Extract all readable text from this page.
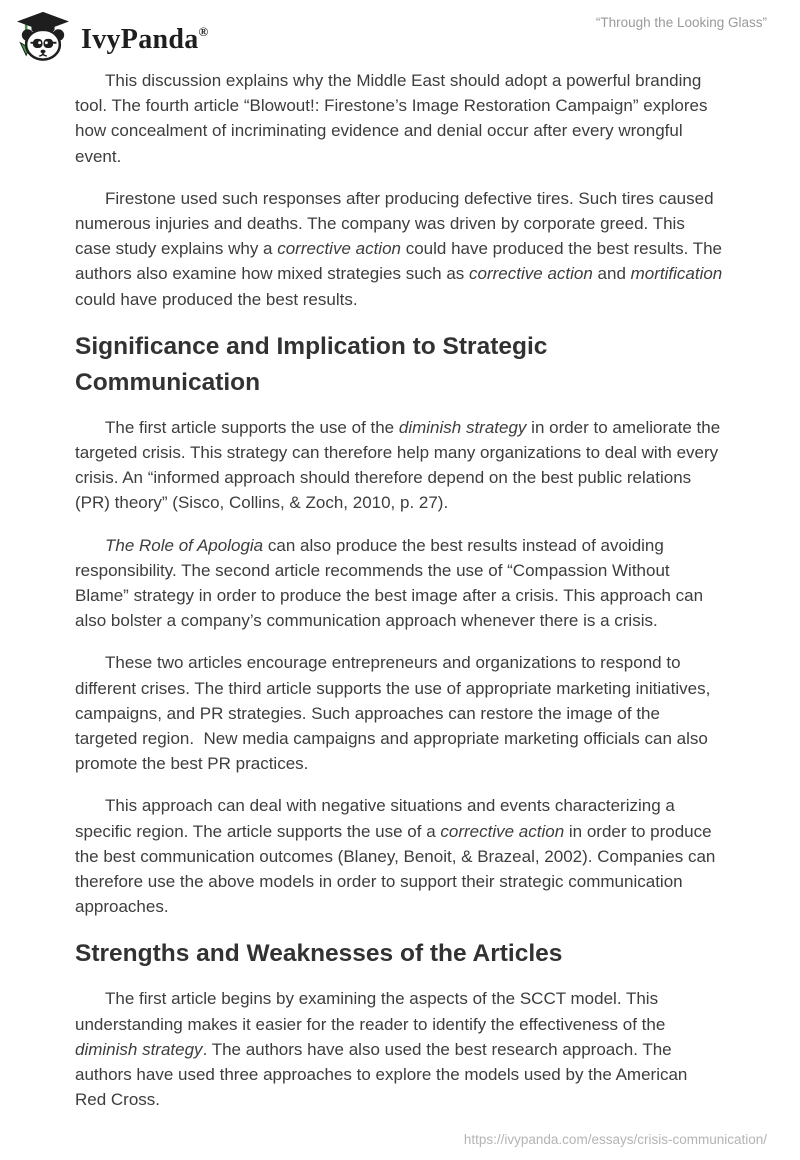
IvyPanda®
“Through the Looking Glass”

This discussion explains why the Middle East should adopt a powerful branding tool. The fourth article “Blowout!: Firestone’s Image Restoration Campaign” explores how concealment of incriminating evidence and denial occur after every wrongful event.

Firestone used such responses after producing defective tires. Such tires caused numerous injuries and deaths. The company was driven by corporate greed. This case study explains why a corrective action could have produced the best results. The authors also examine how mixed strategies such as corrective action and mortification could have produced the best results.

Significance and Implication to Strategic Communication

The first article supports the use of the diminish strategy in order to ameliorate the targeted crisis. This strategy can therefore help many organizations to deal with every crisis. An “informed approach should therefore depend on the best public relations (PR) theory” (Sisco, Collins, & Zoch, 2010, p. 27).

The Role of Apologia can also produce the best results instead of avoiding responsibility. The second article recommends the use of “Compassion Without Blame” strategy in order to produce the best image after a crisis. This approach can also bolster a company’s communication approach whenever there is a crisis.

These two articles encourage entrepreneurs and organizations to respond to different crises. The third article supports the use of appropriate marketing initiatives, campaigns, and PR strategies. Such approaches can restore the image of the targeted region.  New media campaigns and appropriate marketing officials can also promote the best PR practices.

This approach can deal with negative situations and events characterizing a specific region. The article supports the use of a corrective action in order to produce the best communication outcomes (Blaney, Benoit, & Brazeal, 2002). Companies can therefore use the above models in order to support their strategic communication approaches.

Strengths and Weaknesses of the Articles

The first article begins by examining the aspects of the SCCT model. This understanding makes it easier for the reader to identify the effectiveness of the diminish strategy. The authors have also used the best research approach. The authors have used three approaches to explore the models used by the American Red Cross.

https://ivypanda.com/essays/crisis-communication/
